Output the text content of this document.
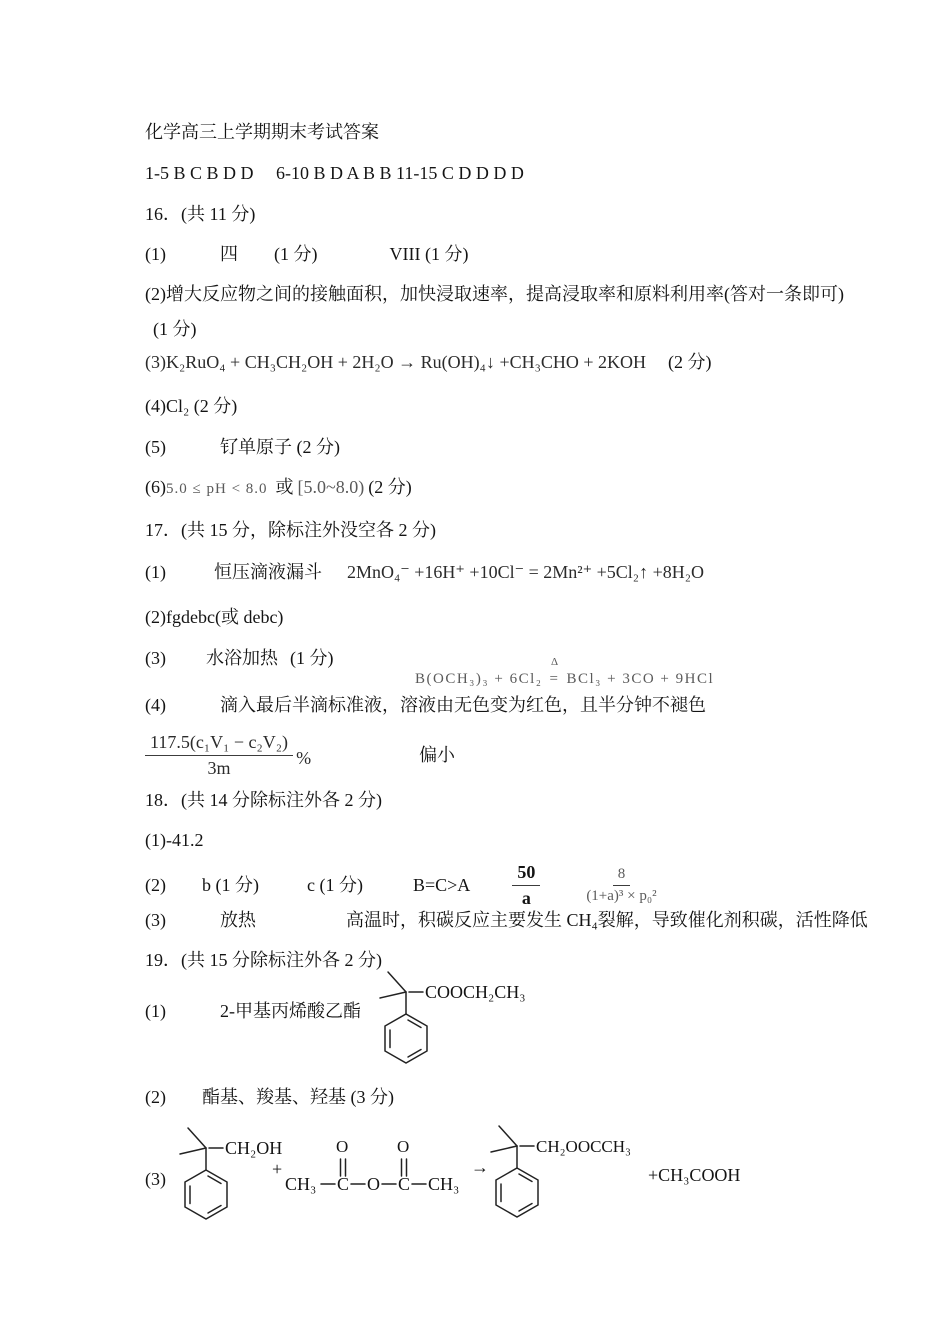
化学高三上学期期末考试答案
1-5 B C B D D　 6-10 B D A B B 11-15 C D D D D
16．(共 11 分)
(1)　　　四　　(1 分)　　　　VIII (1 分)
(2)增大反应物之间的接触面积，加快浸取速率，提高浸取率和原料利用率(答对一条即可)
(1 分)
(3)K₂RuO₄ + CH₃CH₂OH + 2H₂O → Ru(OH)₄↓ +CH₃CHO + 2KOH (2 分)
(4)Cl₂ (2 分)
(5)　　　钌单原子 (2 分)
(6) 5.0 ≤ pH < 8.0 或 [5.0~8.0) (2 分)
17．(共 15 分，除标注外没空各 2 分)
(1)	恒压滴液漏斗 2MnO₄⁻ +16H⁺ +10Cl⁻ = 2Mn²⁺ +5Cl₂↑ +8H₂O
(2)fgdebc(或 debc)
(3) 水浴加热 (1 分)

B(OCH₃)₃ + 6Cl₂
Δ
= BCl₃ + 3CO + 9HCl

(4)　　　滴入最后半滴标准液，溶液由无色变为红色，且半分钟不褪色
$\frac{\text{117.5(c₁V₁ − c₂V₂)}}{3m}$ %	偏小
18．(共 14 分除标注外各 2 分)
(1)-41.2
(2) b (1 分)	c (1 分)	$B=C>A \frac{50}{a}$	$\frac{8}{\text{(1+a)³ × p₀²}}$
(3)　　　放热　　　　　高温时，积碳反应主要发生 CH₄裂解，导致催化剂积碳，活性降低
19．(共 15 分除标注外各 2 分)
(1)　　　2-甲基丙烯酸乙酯
COOCH₂CH₃
(2)　　酯基、羧基、羟基 (3 分)
(3)
CH₂OH
+
CH₃ C
O
O C
O
CH₃
→
CH₂OOCCH₃
+CH₃COOH
